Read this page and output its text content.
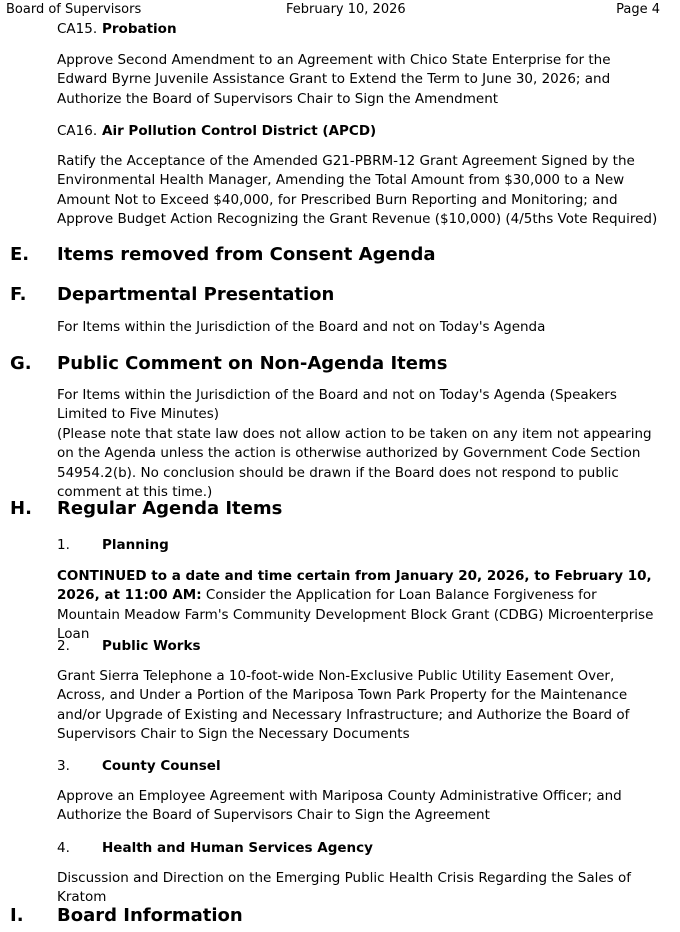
Board of Supervisors	February 10, 2026	Page 4
CA15. Probation

Approve Second Amendment to an Agreement with Chico State Enterprise for the Edward Byrne Juvenile Assistance Grant to Extend the Term to June 30, 2026; and Authorize the Board of Supervisors Chair to Sign the Amendment

CA16. Air Pollution Control District (APCD)

Ratify the Acceptance of the Amended G21-PBRM-12 Grant Agreement Signed by the Environmental Health Manager, Amending the Total Amount from $30,000 to a New Amount Not to Exceed $40,000, for Prescribed Burn Reporting and Monitoring; and Approve Budget Action Recognizing the Grant Revenue ($10,000) (4/5ths Vote Required)

E. Items removed from Consent Agenda
F. Departmental Presentation

For Items within the Jurisdiction of the Board and not on Today's Agenda

G. Public Comment on Non-Agenda Items

For Items within the Jurisdiction of the Board and not on Today's Agenda (Speakers Limited to Five Minutes)

(Please note that state law does not allow action to be taken on any item not appearing on the Agenda unless the action is otherwise authorized by Government Code Section 54954.2(b). No conclusion should be drawn if the Board does not respond to public comment at this time.)

H. Regular Agenda Items
1. Planning

CONTINUED to a date and time certain from January 20, 2026, to February 10, 2026, at 11:00 AM: Consider the Application for Loan Balance Forgiveness for Mountain Meadow Farm's Community Development Block Grant (CDBG) Microenterprise Loan

2. Public Works

Grant Sierra Telephone a 10-foot-wide Non-Exclusive Public Utility Easement Over, Across, and Under a Portion of the Mariposa Town Park Property for the Maintenance and/or Upgrade of Existing and Necessary Infrastructure; and Authorize the Board of Supervisors Chair to Sign the Necessary Documents

3. County Counsel

Approve an Employee Agreement with Mariposa County Administrative Officer; and Authorize the Board of Supervisors Chair to Sign the Agreement

4. Health and Human Services Agency

Discussion and Direction on the Emerging Public Health Crisis Regarding the Sales of Kratom

I. Board Information
